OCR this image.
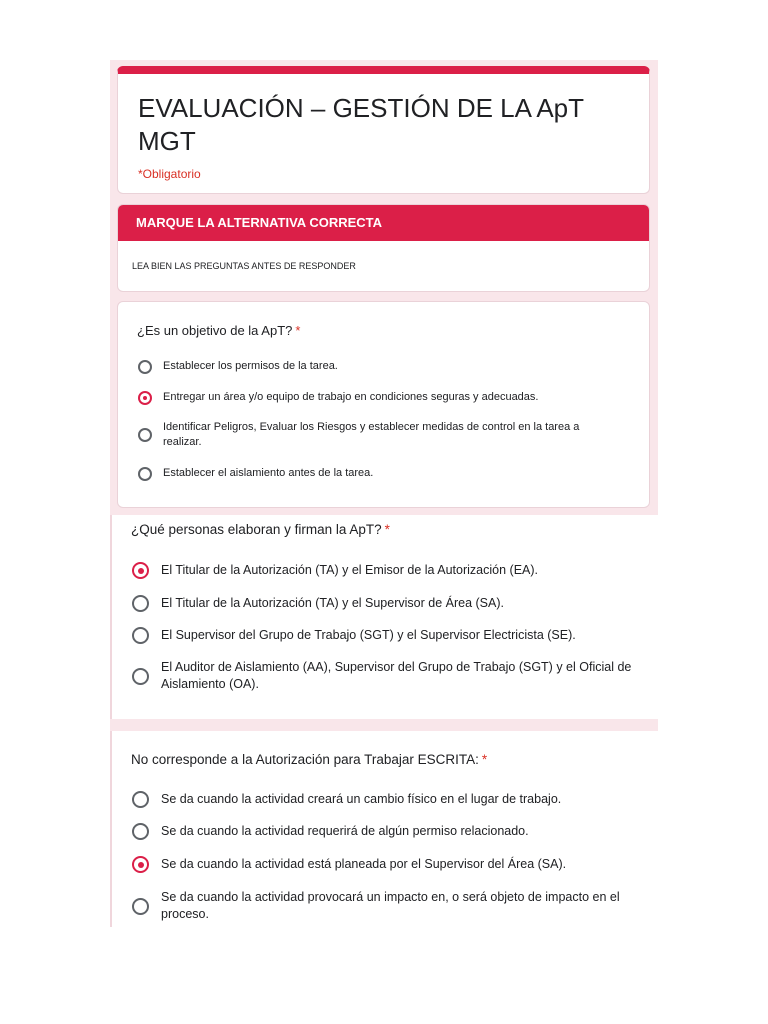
EVALUACIÓN – GESTIÓN DE LA ApT
MGT
*Obligatorio
MARQUE LA ALTERNATIVA CORRECTA
LEA BIEN LAS PREGUNTAS ANTES DE RESPONDER
¿Es un objetivo de la ApT? *
Establecer los permisos de la tarea.
Entregar un área y/o equipo de trabajo en condiciones seguras y adecuadas.
Identificar Peligros, Evaluar los Riesgos y establecer medidas de control en la tarea a
realizar.
Establecer el aislamiento antes de la tarea.
¿Qué personas elaboran y firman la ApT? *
El Titular de la Autorización (TA) y el Emisor de la Autorización (EA).
El Titular de la Autorización (TA) y el Supervisor de Área (SA).
El Supervisor del Grupo de Trabajo (SGT) y el Supervisor Electricista (SE).
El Auditor de Aislamiento (AA), Supervisor del Grupo de Trabajo (SGT) y el Oficial de
Aislamiento (OA).
No corresponde a la Autorización para Trabajar ESCRITA: *
Se da cuando la actividad creará un cambio físico en el lugar de trabajo.
Se da cuando la actividad requerirá de algún permiso relacionado.
Se da cuando la actividad está planeada por el Supervisor del Área (SA).
Se da cuando la actividad provocará un impacto en, o será objeto de impacto en el
proceso.
